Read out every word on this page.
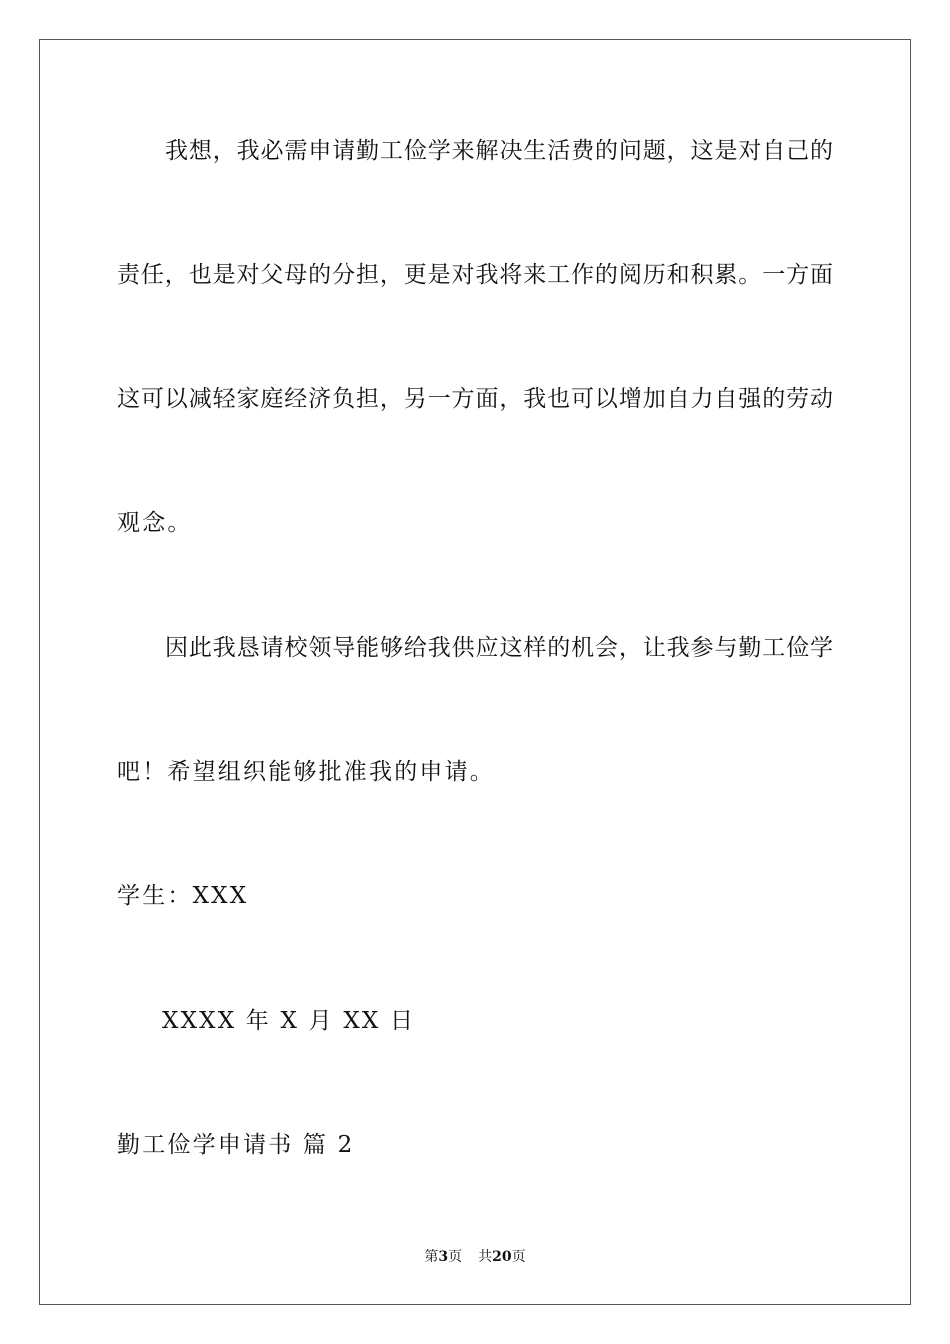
我想，我必需申请勤工俭学来解决生活费的问题，这是对自己的
责任，也是对父母的分担，更是对我将来工作的阅历和积累。一方面
这可以减轻家庭经济负担，另一方面，我也可以增加自力自强的劳动
观念。
因此我恳请校领导能够给我供应这样的机会，让我参与勤工俭学
吧！希望组织能够批准我的申请。
学生：XXX
XXXX 年 X 月 XX 日
勤工俭学申请书 篇 2
第3页 共20页
